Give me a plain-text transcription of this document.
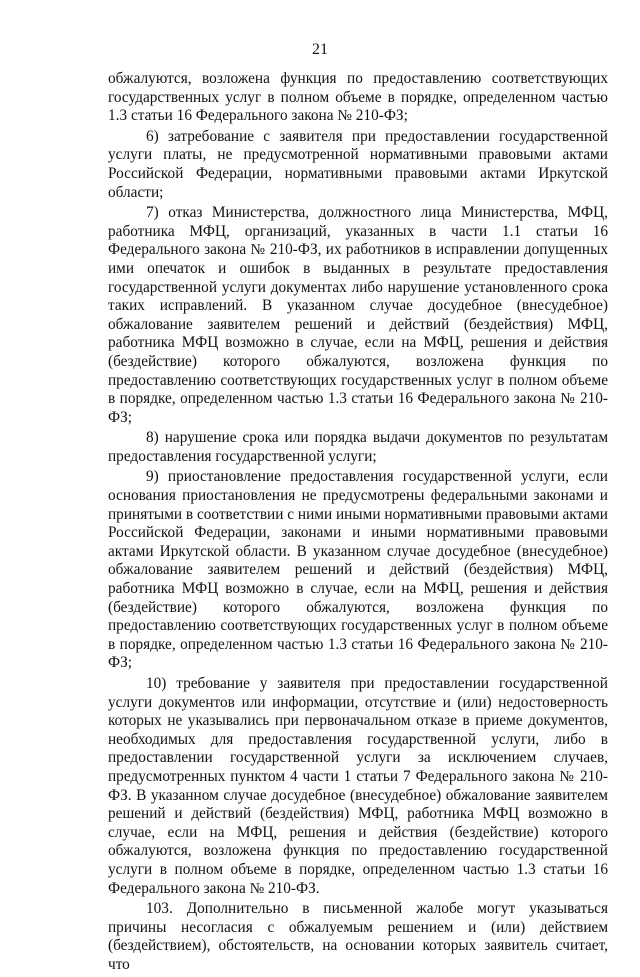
21

обжалуются, возложена функция по предоставлению соответствующих государственных услуг в полном объеме в порядке, определенном частью 1.3 статьи 16 Федерального закона № 210-ФЗ;

6) затребование с заявителя при предоставлении государственной услуги платы, не предусмотренной нормативными правовыми актами Российской Федерации, нормативными правовыми актами Иркутской области;

7) отказ Министерства, должностного лица Министерства, МФЦ, работника МФЦ, организаций, указанных в части 1.1 статьи 16 Федерального закона № 210-ФЗ, их работников в исправлении допущенных ими опечаток и ошибок в выданных в результате предоставления государственной услуги документах либо нарушение установленного срока таких исправлений. В указанном случае досудебное (внесудебное) обжалование заявителем решений и действий (бездействия) МФЦ, работника МФЦ возможно в случае, если на МФЦ, решения и действия (бездействие) которого обжалуются, возложена функция по предоставлению соответствующих государственных услуг в полном объеме в порядке, определенном частью 1.3 статьи 16 Федерального закона № 210-ФЗ;

8) нарушение срока или порядка выдачи документов по результатам предоставления государственной услуги;

9) приостановление предоставления государственной услуги, если основания приостановления не предусмотрены федеральными законами и принятыми в соответствии с ними иными нормативными правовыми актами Российской Федерации, законами и иными нормативными правовыми актами Иркутской области. В указанном случае досудебное (внесудебное) обжалование заявителем решений и действий (бездействия) МФЦ, работника МФЦ возможно в случае, если на МФЦ, решения и действия (бездействие) которого обжалуются, возложена функция по предоставлению соответствующих государственных услуг в полном объеме в порядке, определенном частью 1.3 статьи 16 Федерального закона № 210-ФЗ;

10) требование у заявителя при предоставлении государственной услуги документов или информации, отсутствие и (или) недостоверность которых не указывались при первоначальном отказе в приеме документов, необходимых для предоставления государственной услуги, либо в предоставлении государственной услуги за исключением случаев, предусмотренных пунктом 4 части 1 статьи 7 Федерального закона № 210-ФЗ. В указанном случае досудебное (внесудебное) обжалование заявителем решений и действий (бездействия) МФЦ, работника МФЦ возможно в случае, если на МФЦ, решения и действия (бездействие) которого обжалуются, возложена функция по предоставлению государственной услуги в полном объеме в порядке, определенном частью 1.3 статьи 16 Федерального закона № 210-ФЗ.

103. Дополнительно в письменной жалобе могут указываться причины несогласия с обжалуемым решением и (или) действием (бездействием), обстоятельств, на основании которых заявитель считает, что
